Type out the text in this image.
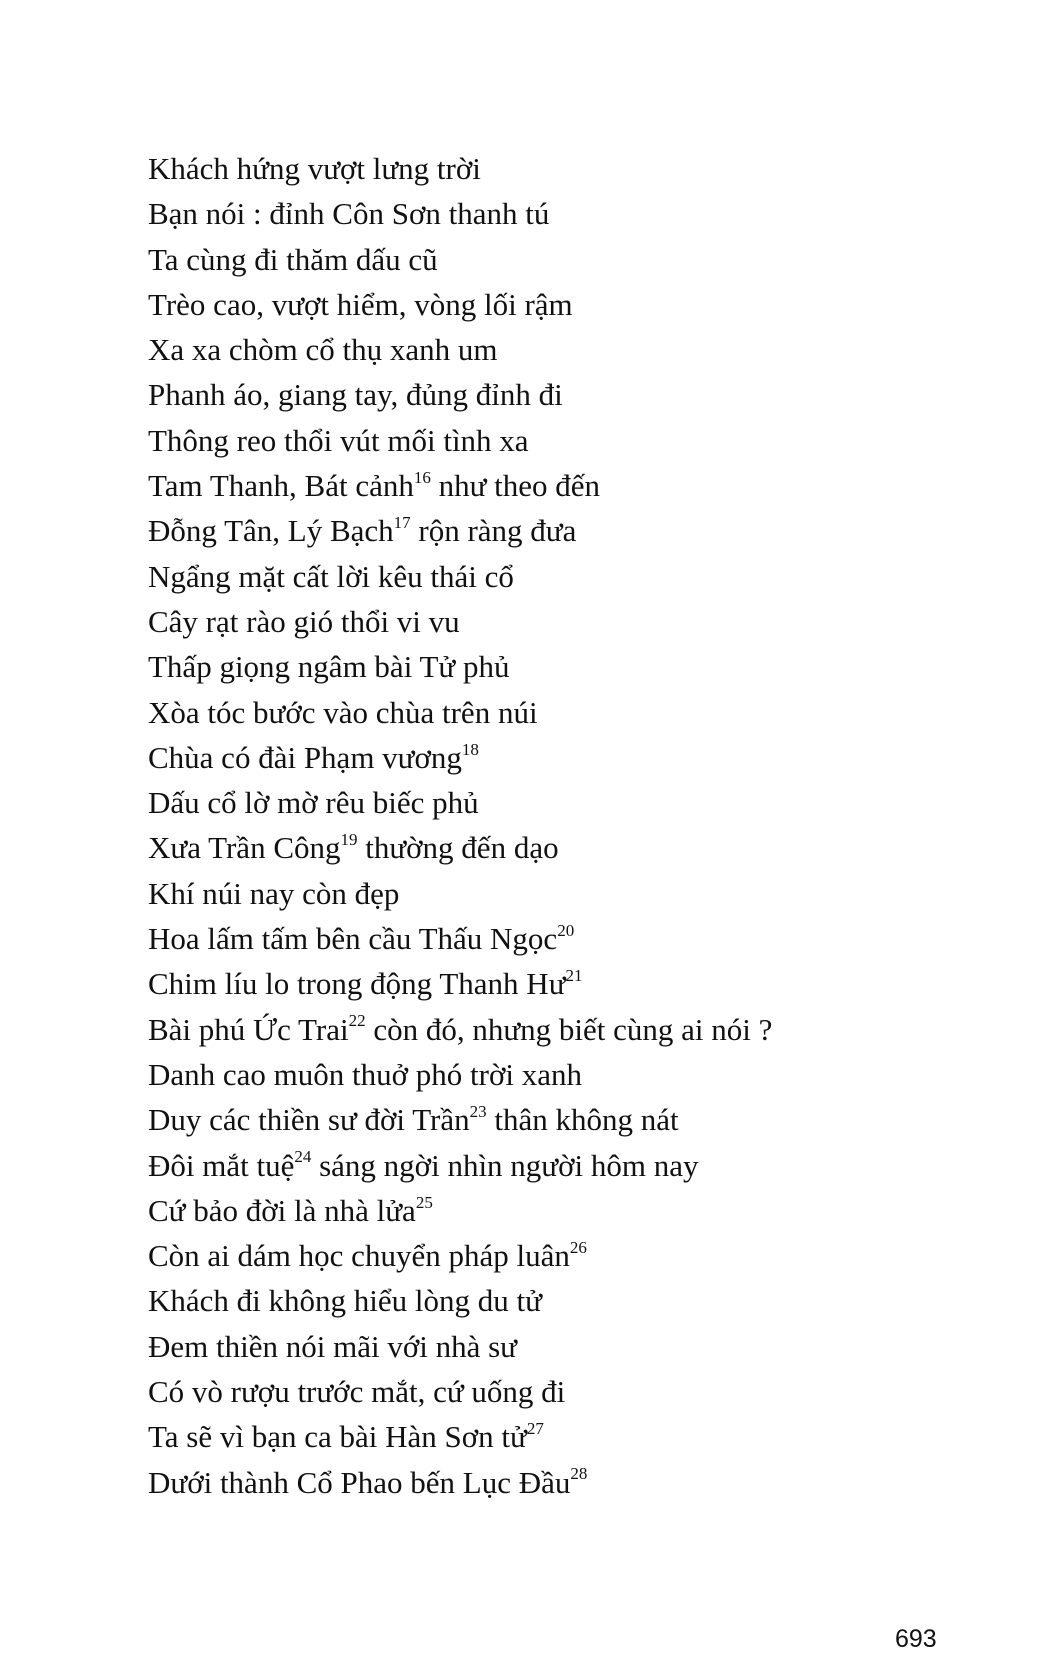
Khách hứng vượt lưng trời
Bạn nói : đỉnh Côn Sơn thanh tú
Ta cùng đi thăm dấu cũ
Trèo cao, vượt hiểm, vòng lối rậm
Xa xa chòm cổ thụ xanh um
Phanh áo, giang tay, đủng đỉnh đi
Thông reo thổi vút mối tình xa
Tam Thanh, Bát cảnh$^{16}$ như theo đến
Đỗng Tân, Lý Bạch$^{17}$ rộn ràng đưa
Ngẩng mặt cất lời kêu thái cổ
Cây rạt rào gió thổi vi vu
Thấp giọng ngâm bài Tử phủ
Xòa tóc bước vào chùa trên núi
Chùa có đài Phạm vương$^{18}$
Dấu cổ lờ mờ rêu biếc phủ
Xưa Trần Công$^{19}$ thường đến dạo
Khí núi nay còn đẹp
Hoa lấm tấm bên cầu Thấu Ngọc$^{20}$
Chim líu lo trong động Thanh $Hư^{21}$
Bài phú Ức Trai$^{22}$ còn đó, nhưng biết cùng ai nói ?
Danh cao muôn thuở phó trời xanh
Duy các thiền sư đời Trần$^{23}$ thân không nát
Đôi mắt tuệ$^{24}$ sáng ngời nhìn người hôm nay
Cứ bảo đời là nhà lửa$^{25}$
Còn ai dám học chuyển pháp luân$^{26}$
Khách đi không hiểu lòng du tử
Đem thiền nói mãi với nhà sư
Có vò rượu trước mắt, cứ uống đi
Ta sẽ vì bạn ca bài Hàn Sơn tử$^{27}$
Dưới thành Cổ Phao bến Lục Đầu$^{28}$
693
